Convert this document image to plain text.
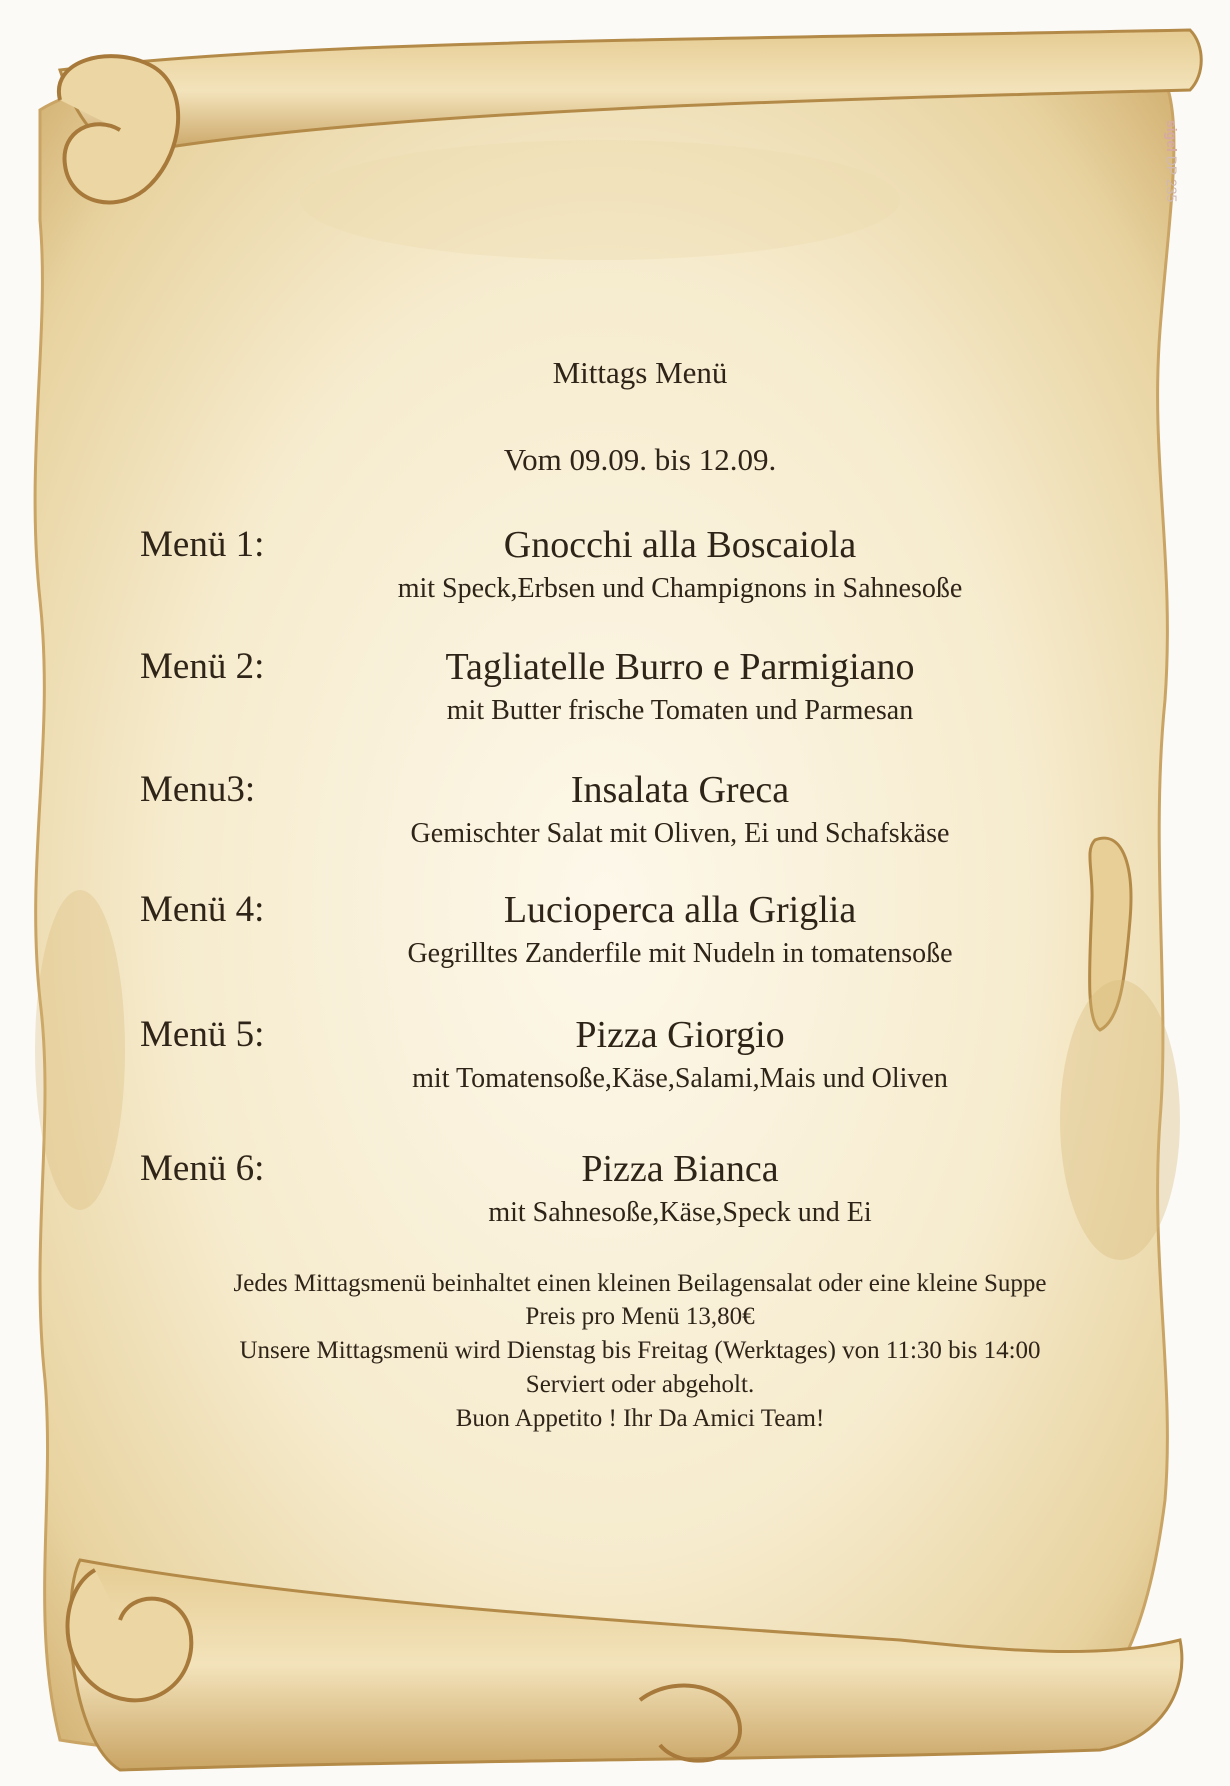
sigel DP 235
Mittags Menü
Vom 09.09. bis 12.09.
Menü 1:	Gnocchi alla Boscaiola
mit Speck,Erbsen und Champignons in Sahnesoße
Menü 2:	Tagliatelle Burro e Parmigiano
mit Butter frische Tomaten und Parmesan
Menu3:	Insalata Greca
Gemischter Salat mit Oliven, Ei und Schafskäse
Menü 4:	Lucioperca alla Griglia
Gegrilltes Zanderfile mit Nudeln in tomatensoße
Menü 5:	Pizza Giorgio
mit Tomatensoße,Käse,Salami,Mais und Oliven
Menü 6:	Pizza Bianca
mit Sahnesoße,Käse,Speck und Ei
Jedes Mittagsmenü beinhaltet einen kleinen Beilagensalat oder eine kleine Suppe
Preis pro Menü 13,80€
Unsere Mittagsmenü wird Dienstag bis Freitag (Werktages) von 11:30 bis 14:00
Serviert oder abgeholt.
Buon Appetito ! Ihr Da Amici Team!
